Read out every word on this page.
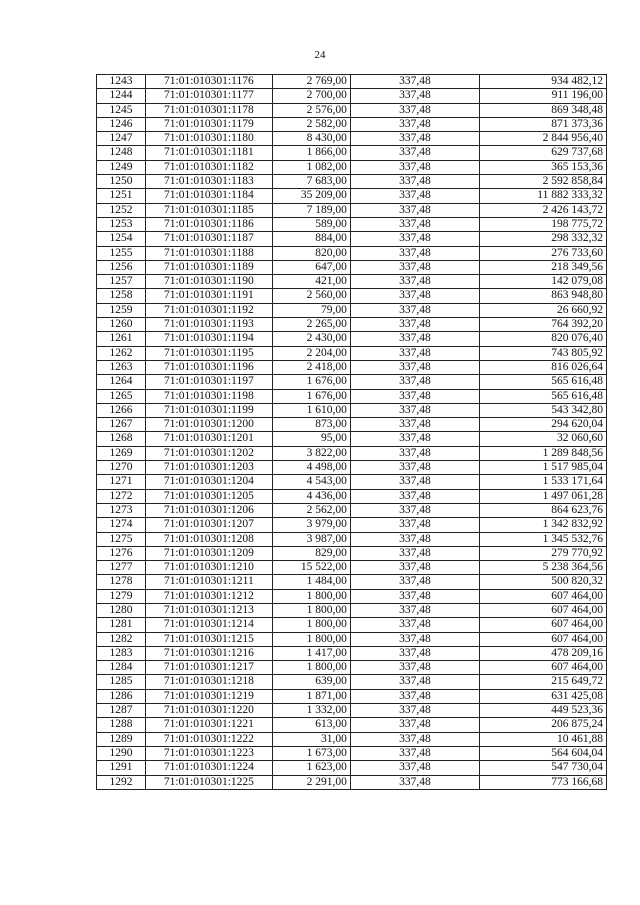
24
1243	71:01:010301:1176	2 769,00	337,48	934 482,12
1244	71:01:010301:1177	2 700,00	337,48	911 196,00
1245	71:01:010301:1178	2 576,00	337,48	869 348,48
1246	71:01:010301:1179	2 582,00	337,48	871 373,36
1247	71:01:010301:1180	8 430,00	337,48	2 844 956,40
1248	71:01:010301:1181	1 866,00	337,48	629 737,68
1249	71:01:010301:1182	1 082,00	337,48	365 153,36
1250	71:01:010301:1183	7 683,00	337,48	2 592 858,84
1251	71:01:010301:1184	35 209,00	337,48	11 882 333,32
1252	71:01:010301:1185	7 189,00	337,48	2 426 143,72
1253	71:01:010301:1186	589,00	337,48	198 775,72
1254	71:01:010301:1187	884,00	337,48	298 332,32
1255	71:01:010301:1188	820,00	337,48	276 733,60
1256	71:01:010301:1189	647,00	337,48	218 349,56
1257	71:01:010301:1190	421,00	337,48	142 079,08
1258	71:01:010301:1191	2 560,00	337,48	863 948,80
1259	71:01:010301:1192	79,00	337,48	26 660,92
1260	71:01:010301:1193	2 265,00	337,48	764 392,20
1261	71:01:010301:1194	2 430,00	337,48	820 076,40
1262	71:01:010301:1195	2 204,00	337,48	743 805,92
1263	71:01:010301:1196	2 418,00	337,48	816 026,64
1264	71:01:010301:1197	1 676,00	337,48	565 616,48
1265	71:01:010301:1198	1 676,00	337,48	565 616,48
1266	71:01:010301:1199	1 610,00	337,48	543 342,80
1267	71:01:010301:1200	873,00	337,48	294 620,04
1268	71:01:010301:1201	95,00	337,48	32 060,60
1269	71:01:010301:1202	3 822,00	337,48	1 289 848,56
1270	71:01:010301:1203	4 498,00	337,48	1 517 985,04
1271	71:01:010301:1204	4 543,00	337,48	1 533 171,64
1272	71:01:010301:1205	4 436,00	337,48	1 497 061,28
1273	71:01:010301:1206	2 562,00	337,48	864 623,76
1274	71:01:010301:1207	3 979,00	337,48	1 342 832,92
1275	71:01:010301:1208	3 987,00	337,48	1 345 532,76
1276	71:01:010301:1209	829,00	337,48	279 770,92
1277	71:01:010301:1210	15 522,00	337,48	5 238 364,56
1278	71:01:010301:1211	1 484,00	337,48	500 820,32
1279	71:01:010301:1212	1 800,00	337,48	607 464,00
1280	71:01:010301:1213	1 800,00	337,48	607 464,00
1281	71:01:010301:1214	1 800,00	337,48	607 464,00
1282	71:01:010301:1215	1 800,00	337,48	607 464,00
1283	71:01:010301:1216	1 417,00	337,48	478 209,16
1284	71:01:010301:1217	1 800,00	337,48	607 464,00
1285	71:01:010301:1218	639,00	337,48	215 649,72
1286	71:01:010301:1219	1 871,00	337,48	631 425,08
1287	71:01:010301:1220	1 332,00	337,48	449 523,36
1288	71:01:010301:1221	613,00	337,48	206 875,24
1289	71:01:010301:1222	31,00	337,48	10 461,88
1290	71:01:010301:1223	1 673,00	337,48	564 604,04
1291	71:01:010301:1224	1 623,00	337,48	547 730,04
1292	71:01:010301:1225	2 291,00	337,48	773 166,68
